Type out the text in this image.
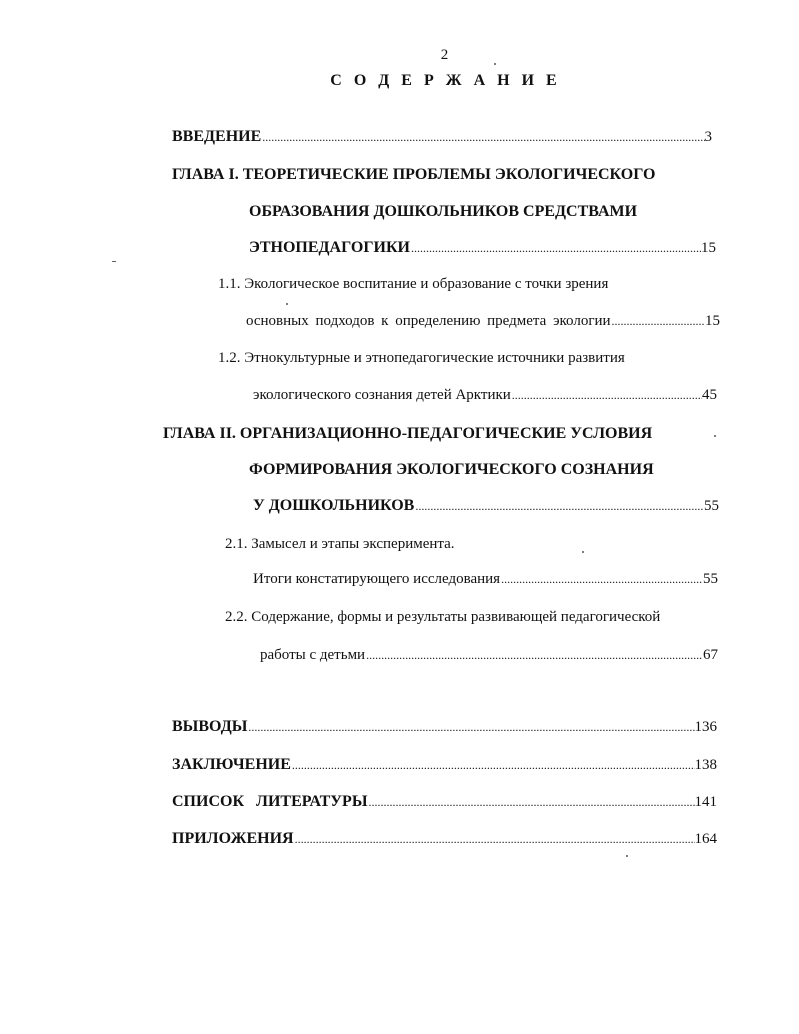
2
С О Д Е Р Ж А Н И Е
ВВЕДЕНИЕ .....	3
ГЛАВА I. ТЕОРЕТИЧЕСКИЕ ПРОБЛЕМЫ ЭКОЛОГИЧЕСКОГО
ОБРАЗОВАНИЯ ДОШКОЛЬНИКОВ СРЕДСТВАМИ
ЭТНОПЕДАГОГИКИ .....	15
1.1. Экологическое воспитание и образование с точки зрения
основных подходов к определению предмета экологии .....	15
1.2. Этнокультурные и этнопедагогические источники развития
экологического сознания детей Арктики .....	45
ГЛАВА II. ОРГАНИЗАЦИОННО-ПЕДАГОГИЧЕСКИЕ УСЛОВИЯ
ФОРМИРОВАНИЯ ЭКОЛОГИЧЕСКОГО СОЗНАНИЯ
У ДОШКОЛЬНИКОВ .....	55
2.1. Замысел и этапы эксперимента.
Итоги констатирующего исследования .....	55
2.2. Содержание, формы и результаты развивающей педагогической
работы с детьми .....	67
ВЫВОДЫ .....	136
ЗАКЛЮЧЕНИЕ .....	138
СПИСОК ЛИТЕРАТУРЫ .....	141
ПРИЛОЖЕНИЯ .....	164
